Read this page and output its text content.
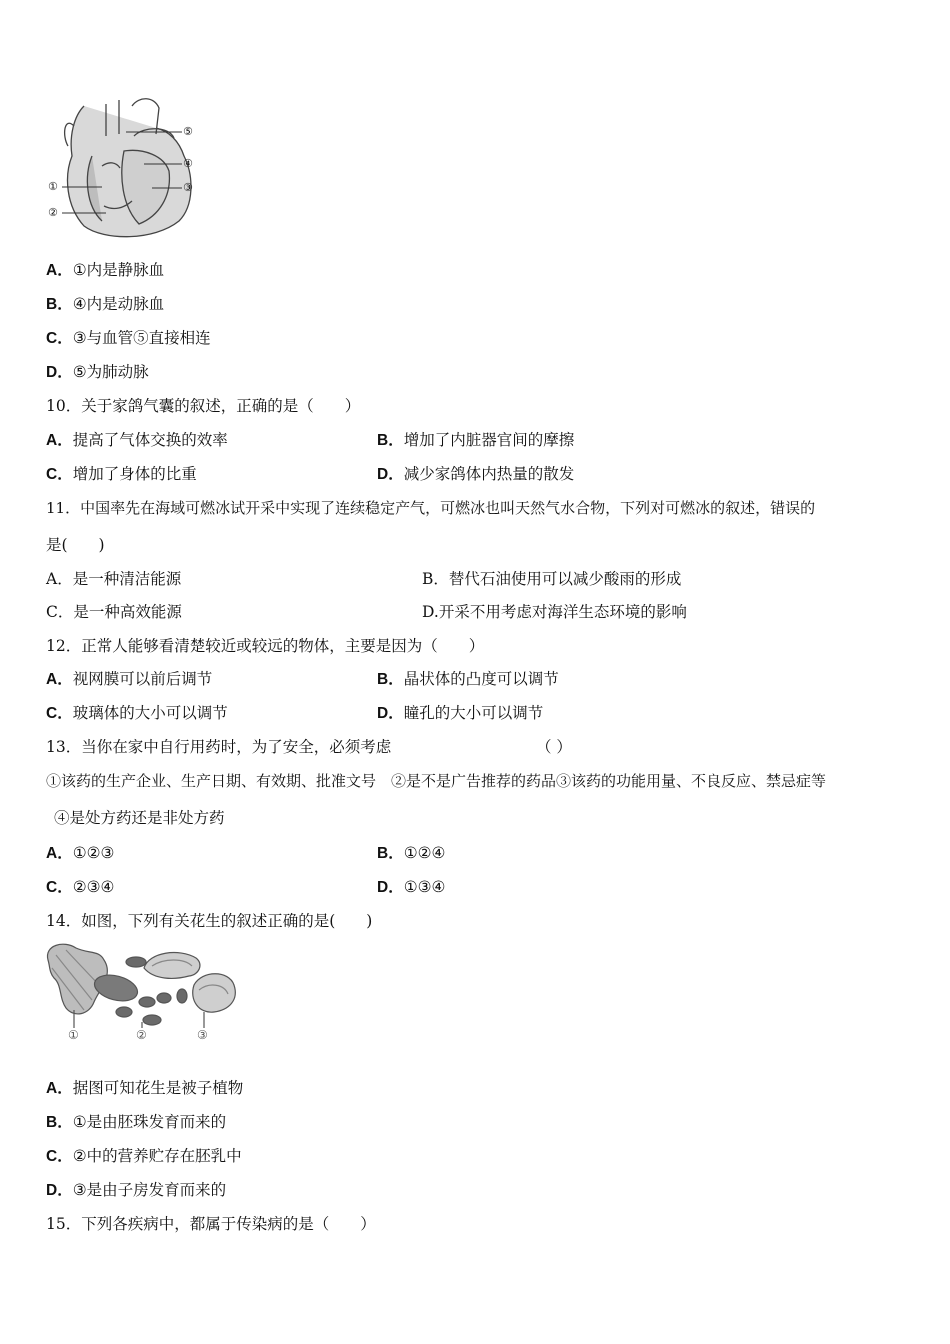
⑤
④
③
①
②
A．①内是静脉血
B．④内是动脉血
C．③与血管⑤直接相连
D．⑤为肺动脉
10．关于家鸽气囊的叙述，正确的是（　　）
A．提高了气体交换的效率	B．增加了内脏器官间的摩擦
C．增加了身体的比重	D．减少家鸽体内热量的散发
11．中国率先在海域可燃冰试开采中实现了连续稳定产气，可燃冰也叫天然气水合物，下列对可燃冰的叙述，错误的
是(　　)
A．是一种清洁能源	B．替代石油使用可以减少酸雨的形成
C．是一种高效能源	D.开采不用考虑对海洋生态环境的影响
12．正常人能够看清楚较近或较远的物体，主要是因为（　　）
A．视网膜可以前后调节	B．晶状体的凸度可以调节
C．玻璃体的大小可以调节	D．瞳孔的大小可以调节
13．当你在家中自行用药时，为了安全，必须考虑	（ ）
①该药的生产企业、生产日期、有效期、批准文号　②是不是广告推荐的药品③该药的功能用量、不良反应、禁忌症等
④是处方药还是非处方药
A．①②③	B．①②④
C．②③④	D．①③④
14．如图，下列有关花生的叙述正确的是(　　)
①	②	③
A．据图可知花生是被子植物
B．①是由胚珠发育而来的
C．②中的营养贮存在胚乳中
D．③是由子房发育而来的
15．下列各疾病中，都属于传染病的是（　　）
